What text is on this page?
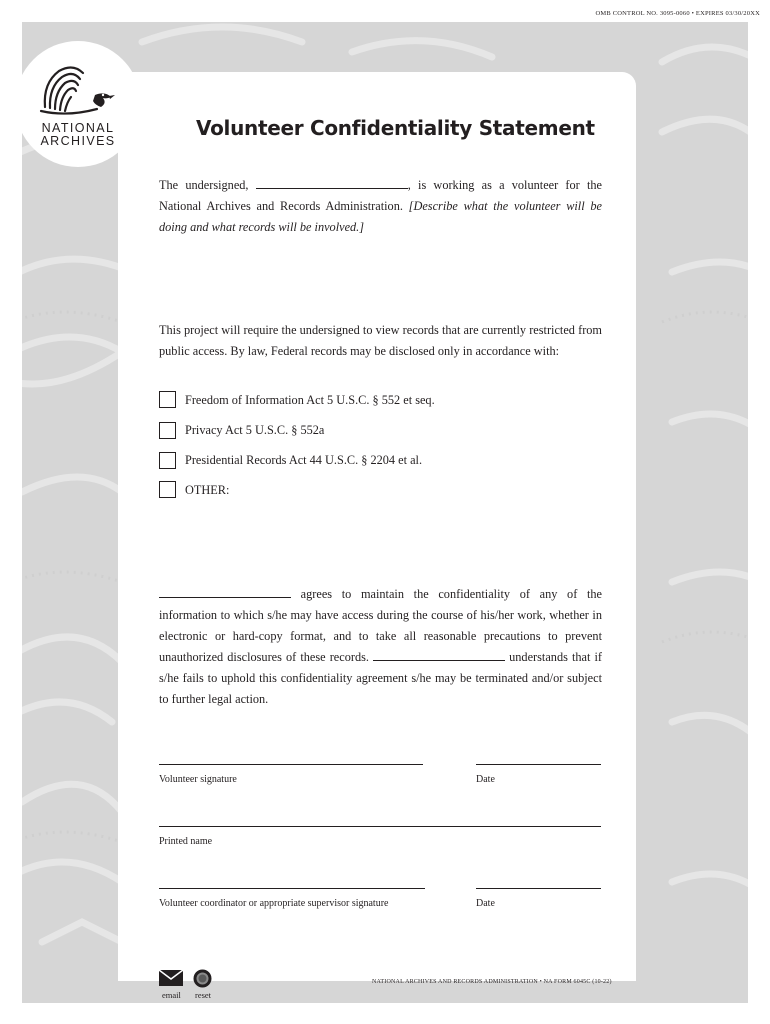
OMB CONTROL NO. 3095-0060 • EXPIRES 03/30/20XX
NATIONAL
ARCHIVES
Volunteer Confidentiality Statement
The undersigned,	, is working as a volunteer for the National Archives and Records Administration. [Describe what the volunteer will be doing and what records will be involved.]
This project will require the undersigned to view records that are currently restricted from public access. By law, Federal records may be disclosed only in accordance with:
Freedom of Information Act 5 U.S.C. § 552 et seq.
Privacy Act 5 U.S.C. § 552a
Presidential Records Act 44 U.S.C. § 2204 et al.
OTHER:
agrees to maintain the confidentiality of any of the information to which s/he may have access during the course of his/her work, whether in electronic or hard-copy format, and to take all reasonable precautions to prevent unauthorized disclosures of these records.	understands that if s/he fails to uphold this confidentiality agreement s/he may be terminated and/or subject to further legal action.
Volunteer signature	Date
Printed name
Volunteer coordinator or appropriate supervisor signature	Date
email reset
NATIONAL ARCHIVES AND RECORDS ADMINISTRATION • NA FORM 6045C (10-22)
